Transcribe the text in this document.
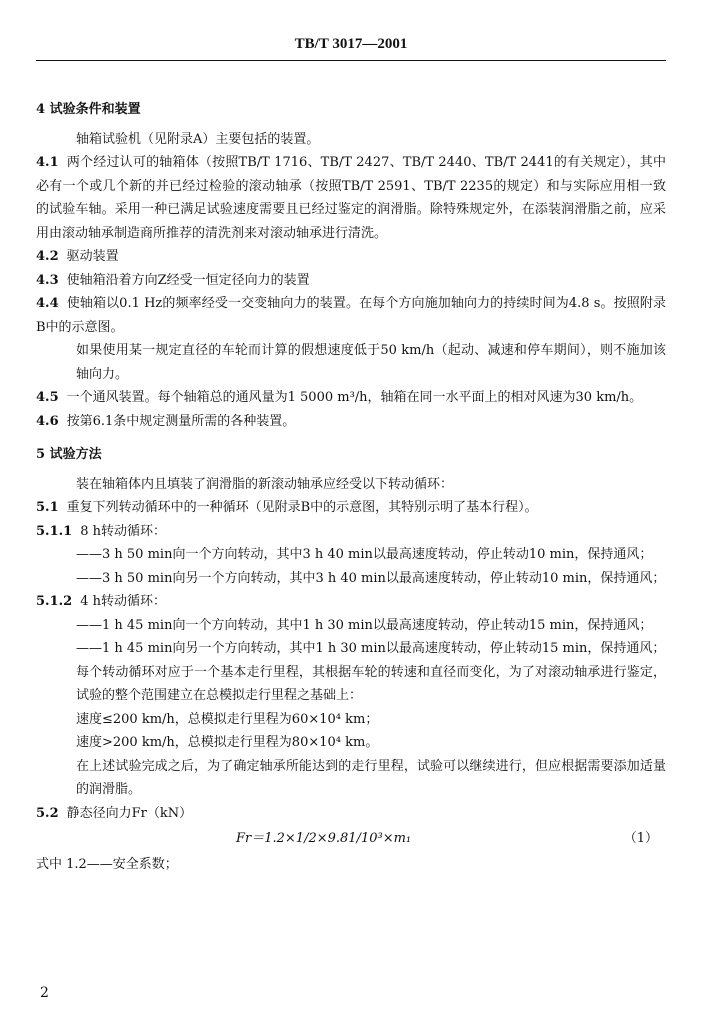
TB/T 3017—2001

4 试验条件和装置

轴箱试验机（见附录A）主要包括的装置。

4.1 两个经过认可的轴箱体（按照TB/T 1716、TB/T 2427、TB/T 2440、TB/T 2441的有关规定），其中必有一个或几个新的并已经过检验的滚动轴承（按照TB/T 2591、TB/T 2235的规定）和与实际应用相一致的试验车轴。采用一种已满足试验速度需要且已经过鉴定的润滑脂。除特殊规定外，在添装润滑脂之前，应采用由滚动轴承制造商所推荐的清洗剂来对滚动轴承进行清洗。

4.2 驱动装置

4.3 使轴箱沿着方向Z经受一恒定径向力的装置

4.4 使轴箱以0.1 Hz的频率经受一交变轴向力的装置。在每个方向施加轴向力的持续时间为4.8 s。按照附录B中的示意图。

如果使用某一规定直径的车轮而计算的假想速度低于50 km/h（起动、减速和停车期间），则不施加该轴向力。

4.5 一个通风装置。每个轴箱总的通风量为1 5000 m³/h，轴箱在同一水平面上的相对风速为30 km/h。

4.6 按第6.1条中规定测量所需的各种装置。

5 试验方法

装在轴箱体内且填装了润滑脂的新滚动轴承应经受以下转动循环：

5.1 重复下列转动循环中的一种循环（见附录B中的示意图，其特别示明了基本行程）。

5.1.1 8 h转动循环：

——3 h 50 min向一个方向转动，其中3 h 40 min以最高速度转动，停止转动10 min，保持通风；

——3 h 50 min向另一个方向转动，其中3 h 40 min以最高速度转动，停止转动10 min，保持通风；

5.1.2 4 h转动循环：

——1 h 45 min向一个方向转动，其中1 h 30 min以最高速度转动，停止转动15 min，保持通风；

——1 h 45 min向另一个方向转动，其中1 h 30 min以最高速度转动，停止转动15 min，保持通风；

每个转动循环对应于一个基本走行里程，其根据车轮的转速和直径而变化，为了对滚动轴承进行鉴定，试验的整个范围建立在总模拟走行里程之基础上：

速度≤200 km/h，总模拟走行里程为60×10⁴ km；

速度>200 km/h，总模拟走行里程为80×10⁴ km。

在上述试验完成之后，为了确定轴承所能达到的走行里程，试验可以继续进行，但应根据需要添加适量的润滑脂。

5.2 静态径向力Fr（kN）

Fr＝1.2×1/2×9.81/10³×m₁	（1）

式中 1.2——安全系数；

2
